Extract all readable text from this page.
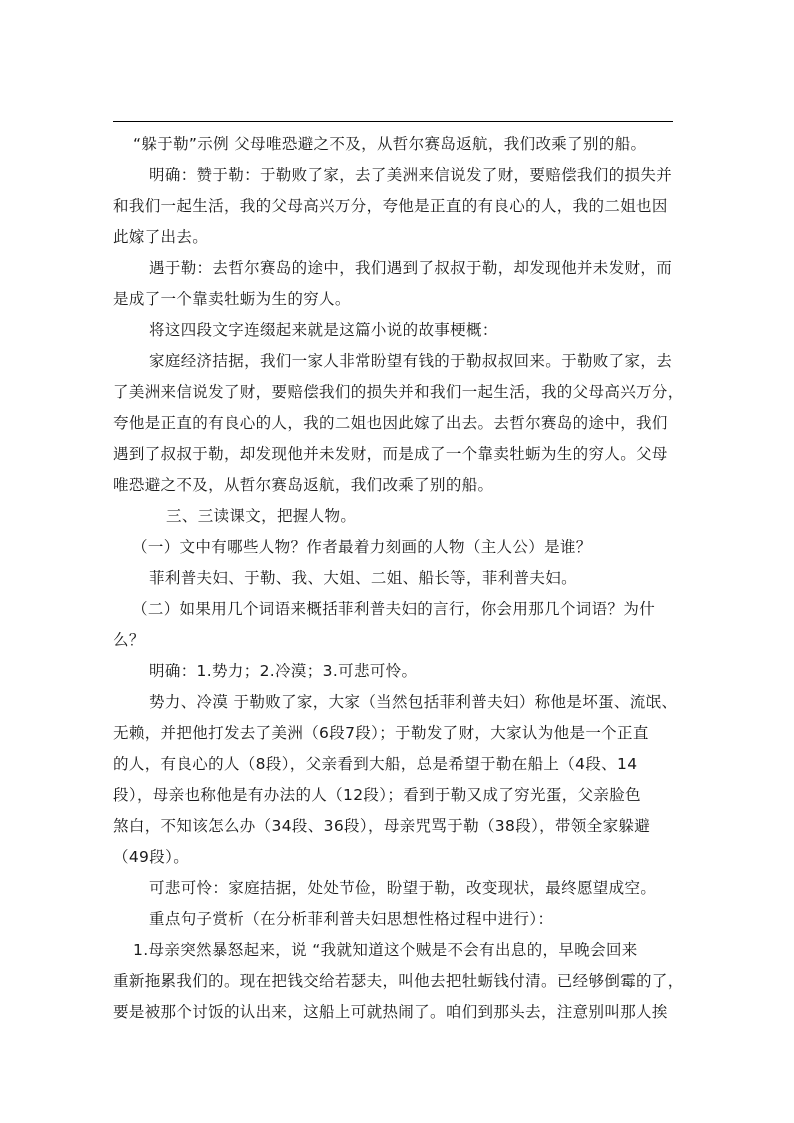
“躲于勒”示例 父母唯恐避之不及，从哲尔赛岛返航，我们改乘了别的船。
明确：赞于勒：于勒败了家，去了美洲来信说发了财，要赔偿我们的损失并
和我们一起生活，我的父母高兴万分，夸他是正直的有良心的人，我的二姐也因
此嫁了出去。
遇于勒：去哲尔赛岛的途中，我们遇到了叔叔于勒，却发现他并未发财，而
是成了一个靠卖牡蛎为生的穷人。
将这四段文字连缀起来就是这篇小说的故事梗概：
家庭经济拮据，我们一家人非常盼望有钱的于勒叔叔回来。于勒败了家，去
了美洲来信说发了财，要赔偿我们的损失并和我们一起生活，我的父母高兴万分，
夸他是正直的有良心的人，我的二姐也因此嫁了出去。去哲尔赛岛的途中，我们
遇到了叔叔于勒，却发现他并未发财，而是成了一个靠卖牡蛎为生的穷人。父母
唯恐避之不及，从哲尔赛岛返航，我们改乘了别的船。
三、三读课文，把握人物。
（一）文中有哪些人物？作者最着力刻画的人物（主人公）是谁？
菲利普夫妇、于勒、我、大姐、二姐、船长等，菲利普夫妇。
（二）如果用几个词语来概括菲利普夫妇的言行，你会用那几个词语？为什
么？
明确：1.势力；2.冷漠；3.可悲可怜。
势力、冷漠 于勒败了家，大家（当然包括菲利普夫妇）称他是坏蛋、流氓、
无赖，并把他打发去了美洲（6段7段）；于勒发了财，大家认为他是一个正直
的人，有良心的人（8段），父亲看到大船，总是希望于勒在船上（4段、14
段），母亲也称他是有办法的人（12段）；看到于勒又成了穷光蛋，父亲脸色
煞白，不知该怎么办（34段、36段），母亲咒骂于勒（38段），带领全家躲避
（49段）。
可悲可怜：家庭拮据，处处节俭，盼望于勒，改变现状，最终愿望成空。
重点句子赏析（在分析菲利普夫妇思想性格过程中进行）：
1.母亲突然暴怒起来，说 “我就知道这个贼是不会有出息的，早晚会回来
重新拖累我们的。现在把钱交给若瑟夫，叫他去把牡蛎钱付清。已经够倒霉的了，
要是被那个讨饭的认出来，这船上可就热闹了。咱们到那头去，注意别叫那人挨
